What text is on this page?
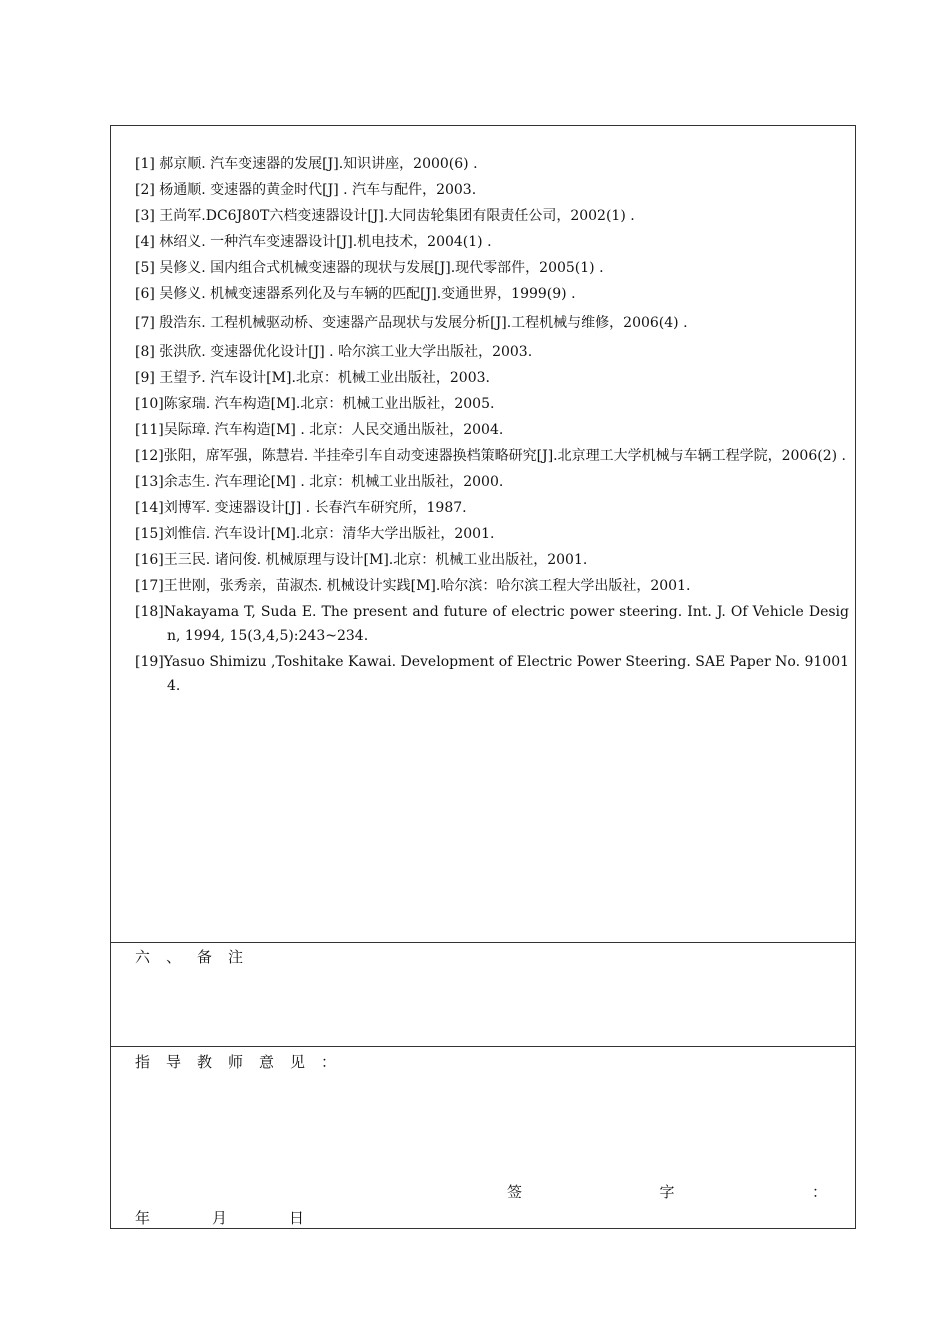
[1] 郝京顺. 汽车变速器的发展[J].知识讲座，2000(6) .

[2] 杨通顺. 变速器的黄金时代[J] . 汽车与配件，2003.

[3] 王尚军.DC6J80T六档变速器设计[J].大同齿轮集团有限责任公司，2002(1) .

[4] 林绍义. 一种汽车变速器设计[J].机电技术，2004(1) .

[5] 吴修义. 国内组合式机械变速器的现状与发展[J].现代零部件，2005(1) .

[6] 吴修义. 机械变速器系列化及与车辆的匹配[J].变通世界，1999(9) .

[7] 殷浩东. 工程机械驱动桥、变速器产品现状与发展分析[J].工程机械与维修，2006(4) .

[8] 张洪欣. 变速器优化设计[J] . 哈尔滨工业大学出版社，2003.

[9] 王望予. 汽车设计[M].北京：机械工业出版社，2003.

[10]陈家瑞. 汽车构造[M].北京：机械工业出版社，2005.

[11]吴际璋. 汽车构造[M] . 北京：人民交通出版社，2004.

[12]张阳，席军强，陈慧岩. 半挂牵引车自动变速器换档策略研究[J].北京理工大学机械与车辆工程学院，2006(2) .

[13]余志生. 汽车理论[M] . 北京：机械工业出版社，2000.

[14]刘博军. 变速器设计[J] . 长春汽车研究所，1987.

[15]刘惟信. 汽车设计[M].北京：清华大学出版社，2001.

[16]王三民. 诸问俊. 机械原理与设计[M].北京：机械工业出版社，2001.

[17]王世刚，张秀亲，苗淑杰. 机械设计实践[M].哈尔滨：哈尔滨工程大学出版社，2001.

[18]Nakayama T, Suda E. The present and future of electric power steering. Int. J. Of Vehicle Design, 1994, 15(3,4,5):243~234.

[19]Yasuo Shimizu ,Toshitake Kawai. Development of Electric Power Steering. SAE Paper No. 910014.

六、备注
指导教师意见：
签	字	：
年	月	日
